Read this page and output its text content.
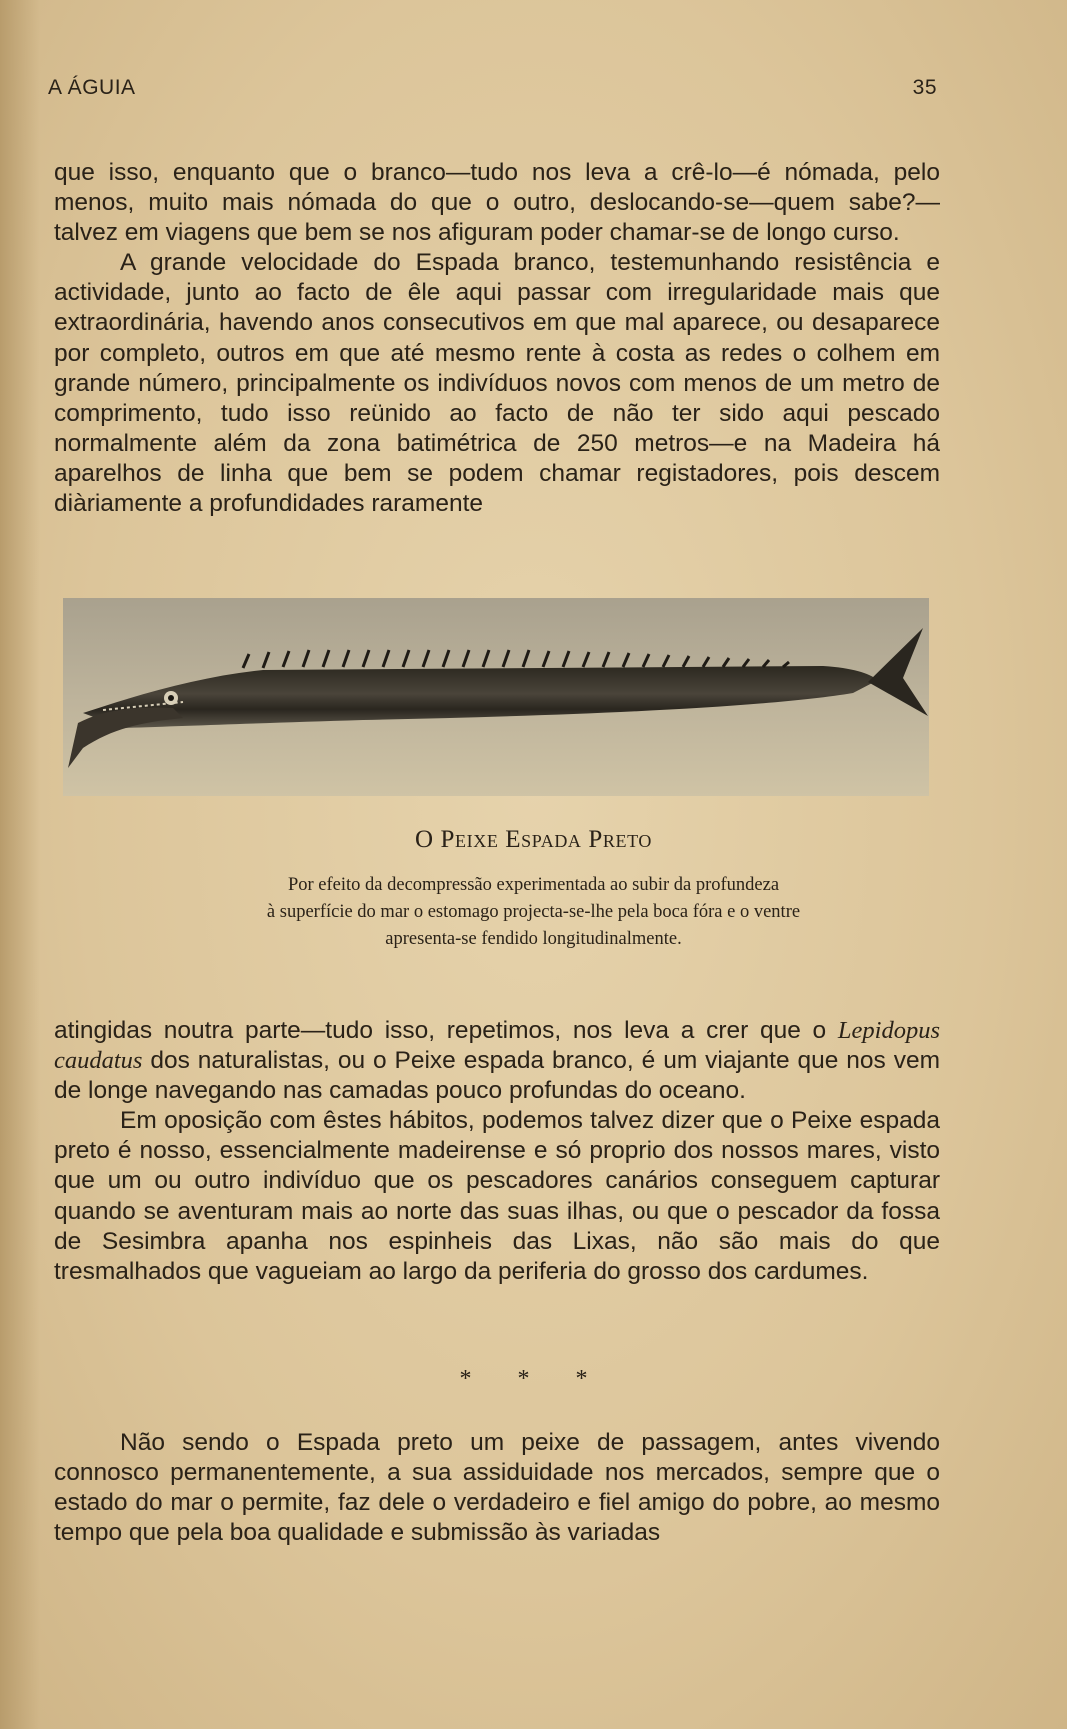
A ÁGUIA	35

que isso, enquanto que o branco—tudo nos leva a crê-lo—é nómada, pelo menos, muito mais nómada do que o outro, deslocando-se—quem sabe?—talvez em viagens que bem se nos afiguram poder chamar-se de longo curso.

A grande velocidade do Espada branco, testemunhando resistência e actividade, junto ao facto de êle aqui passar com irregularidade mais que extraordinária, havendo anos consecutivos em que mal aparece, ou desaparece por completo, outros em que até mesmo rente à costa as redes o colhem em grande número, principalmente os indivíduos novos com menos de um metro de comprimento, tudo isso reünido ao facto de não ter sido aqui pescado normalmente além da zona batimétrica de 250 metros—e na Madeira há aparelhos de linha que bem se podem chamar registadores, pois descem diàriamente a profundidades raramente

O Peixe Espada Preto

Por efeito da decompressão experimentada ao subir da profundeza

à superfície do mar o estomago projecta-se-lhe pela boca fóra e o ventre

apresenta-se fendido longitudinalmente.

atingidas noutra parte—tudo isso, repetimos, nos leva a crer que o Lepidopus caudatus dos naturalistas, ou o Peixe espada branco, é um viajante que nos vem de longe navegando nas camadas pouco profundas do oceano.

Em oposição com êstes hábitos, podemos talvez dizer que o Peixe espada preto é nosso, essencialmente madeirense e só proprio dos nossos mares, visto que um ou outro indivíduo que os pescadores canários conseguem capturar quando se aventuram mais ao norte das suas ilhas, ou que o pescador da fossa de Sesimbra apanha nos espinheis das Lixas, não são mais do que tresmalhados que vagueiam ao largo da periferia do grosso dos cardumes.

* * *

Não sendo o Espada preto um peixe de passagem, antes vivendo connosco permanentemente, a sua assiduidade nos mercados, sempre que o estado do mar o permite, faz dele o verdadeiro e fiel amigo do pobre, ao mesmo tempo que pela boa qualidade e submissão às variadas
